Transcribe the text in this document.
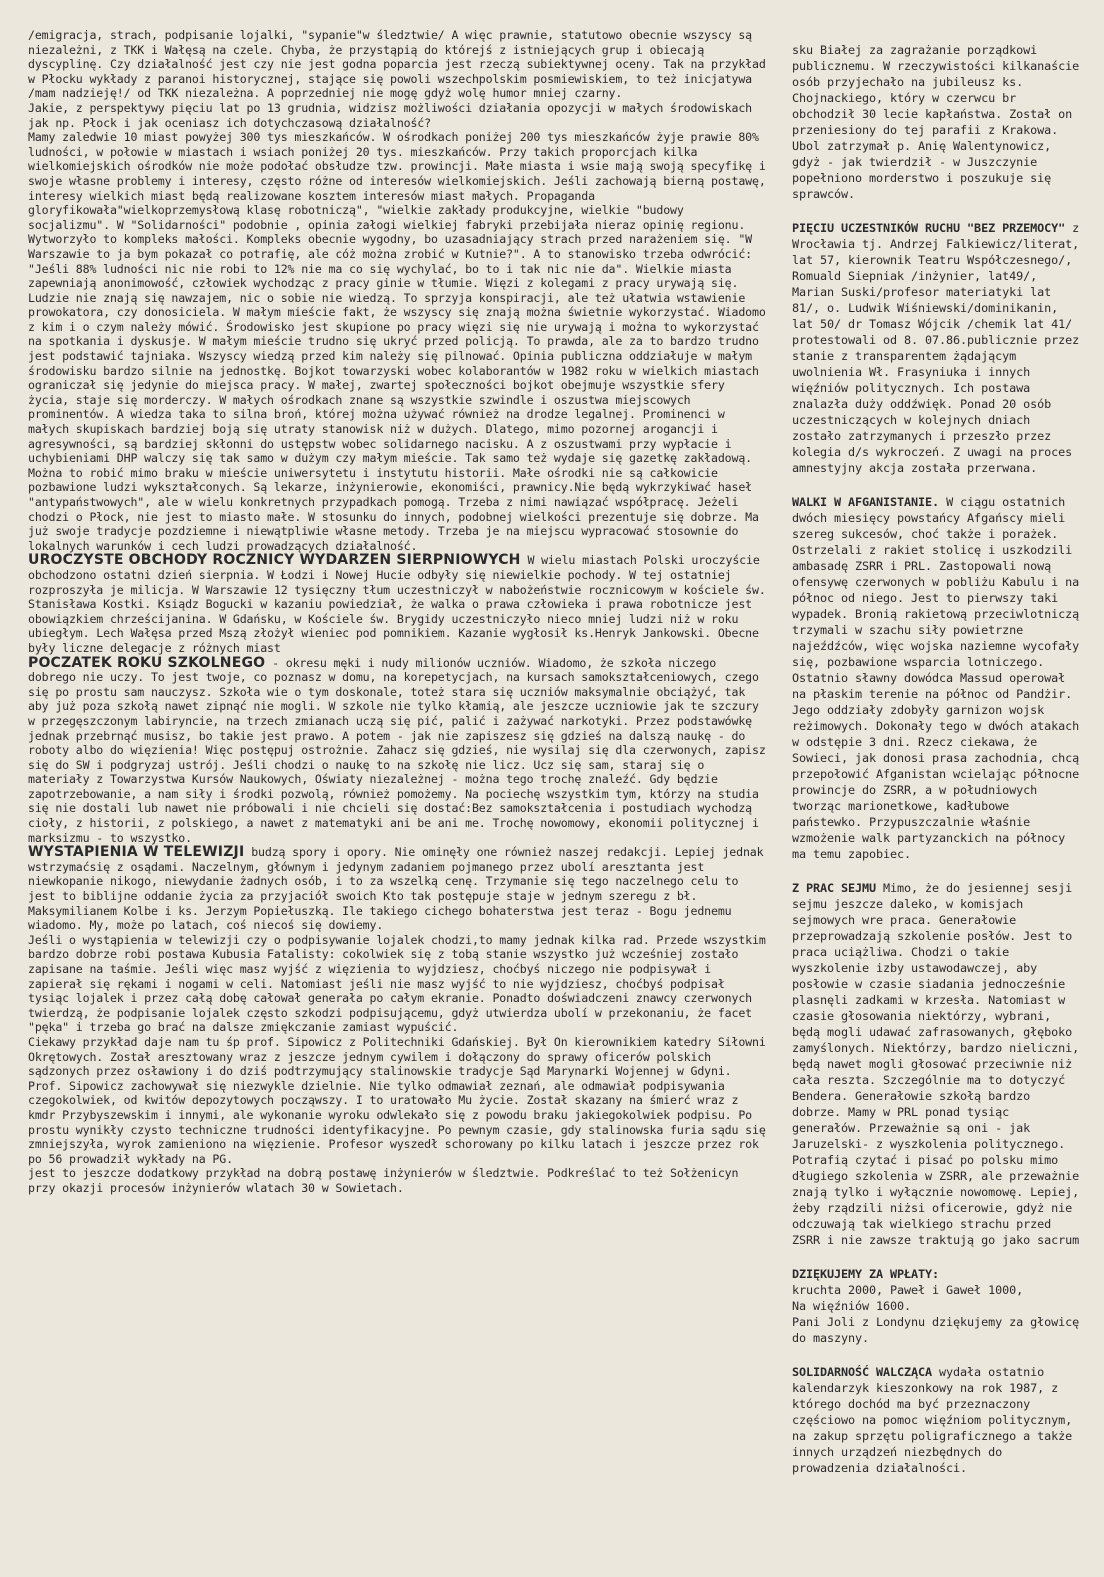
/emigracja, strach, podpisanie lojalki, "sypanie"w śledztwie/ A więc prawnie, statutowo obecnie wszyscy są niezależni, z TKK i Wałęsą na czele. Chyba, że przystąpią do którejś z istniejących grup i obiecają dyscyplinę. Czy działalność jest czy nie jest godna poparcia jest rzeczą subiektywnej oceny. Tak na przykład w Płocku wykłady z paranoi historycznej, stające się powoli wszechpolskim posmiewiskiem, to też inicjatywa /mam nadzieję!/ od TKK niezależna. A poprzedniej nie mogę gdyż wolę humor mniej czarny.

Jakie, z perspektywy pięciu lat po 13 grudnia, widzisz możliwości działania opozycji w małych środowiskach jak np. Płock i jak oceniasz ich dotychczasową działalność?

Mamy zaledwie 10 miast powyżej 300 tys mieszkańców. W ośrodkach poniżej 200 tys mieszkańców żyje prawie 80% ludności, w połowie w miastach i wsiach poniżej 20 tys. mieszkańców. Przy takich proporcjach kilka wielkomiejskich ośrodków nie może podołać obsłudze tzw. prowincji. Małe miasta i wsie mają swoją specyfikę i swoje własne problemy i interesy, często różne od interesów wielkomiejskich. Jeśli zachowają bierną postawę, interesy wielkich miast będą realizowane kosztem interesów miast małych. Propaganda gloryfikowała"wielkoprzemysłową klasę robotniczą", "wielkie zakłady produkcyjne, wielkie "budowy socjalizmu". W "Solidarności" podobnie , opinia załogi wielkiej fabryki przebijała nieraz opinię regionu. Wytworzyło to kompleks małości. Kompleks obecnie wygodny, bo uzasadniający strach przed narażeniem się. "W Warszawie to ja bym pokazał co potrafię, ale cóż można zrobić w Kutnie?". A to stanowisko trzeba odwrócić: "Jeśli 88% ludności nic nie robi to 12% nie ma co się wychylać, bo to i tak nic nie da". Wielkie miasta zapewniają anonimowość, człowiek wychodząc z pracy ginie w tłumie. Więzi z kolegami z pracy urywają się. Ludzie nie znają się nawzajem, nic o sobie nie wiedzą. To sprzyja konspiracji, ale też ułatwia wstawienie prowokatora, czy donosiciela. W małym mieście fakt, że wszyscy się znają można świetnie wykorzystać. Wiadomo z kim i o czym należy mówić. Środowisko jest skupione po pracy więzi się nie urywają i można to wykorzystać na spotkania i dyskusje. W małym mieście trudno się ukryć przed policją. To prawda, ale za to bardzo trudno jest podstawić tajniaka. Wszyscy wiedzą przed kim należy się pilnować. Opinia publiczna oddziałuje w małym środowisku bardzo silnie na jednostkę. Bojkot towarzyski wobec kolaborantów w 1982 roku w wielkich miastach ograniczał się jedynie do miejsca pracy. W małej, zwartej społeczności bojkot obejmuje wszystkie sfery życia, staje się morderczy. W małych ośrodkach znane są wszystkie szwindle i oszustwa miejscowych prominentów. A wiedza taka to silna broń, której można używać również na drodze legalnej. Prominenci w małych skupiskach bardziej boją się utraty stanowisk niż w dużych. Dlatego, mimo pozornej arogancji i agresywności, są bardziej skłonni do ustępstw wobec solidarnego nacisku. A z oszustwami przy wypłacie i uchybieniami DHP walczy się tak samo w dużym czy małym mieście. Tak samo też wydaje się gazetkę zakładową. Można to robić mimo braku w mieście uniwersytetu i instytutu historii. Małe ośrodki nie są całkowicie pozbawione ludzi wykształconych. Są lekarze, inżynierowie, ekonomiści, prawnicy.Nie będą wykrzykiwać haseł "antypaństwowych", ale w wielu konkretnych przypadkach pomogą. Trzeba z nimi nawiązać współpracę. Jeżeli chodzi o Płock, nie jest to miasto małe. W stosunku do innych, podobnej wielkości prezentuje się dobrze. Ma już swoje tradycje pozdziemne i niewątpliwie własne metody. Trzeba je na miejscu wypracować stosownie do lokalnych warunków i cech ludzi prowadzących działalność.

UROCZYSTE OBCHODY ROCZNICY WYDARZEN SIERPNIOWYCH W wielu miastach Polski uroczyście obchodzono ostatni dzień sierpnia. W Łodzi i Nowej Hucie odbyły się niewielkie pochody. W tej ostatniej rozproszyła je milicja. W Warszawie 12 tysięczny tłum uczestniczył w nabożeństwie rocznicowym w kościele św. Stanisława Kostki. Ksiądz Bogucki w kazaniu powiedział, że walka o prawa człowieka i prawa robotnicze jest obowiązkiem chrześcijanina. W Gdańsku, w Kościele św. Brygidy uczestniczyło nieco mniej ludzi niż w roku ubiegłym. Lech Wałęsa przed Mszą złożył wieniec pod pomnikiem. Kazanie wygłosił ks.Henryk Jankowski. Obecne były liczne delegacje z różnych miast

POCZATEK ROKU SZKOLNEGO - okresu męki i nudy milionów uczniów. Wiadomo, że szkoła niczego dobrego nie uczy. To jest twoje, co poznasz w domu, na korepetycjach, na kursach samokształceniowych, czego się po prostu sam nauczysz. Szkoła wie o tym doskonale, toteż stara się uczniów maksymalnie obciążyć, tak aby już poza szkołą nawet zipnąć nie mogli. W szkole nie tylko kłamią, ale jeszcze uczniowie jak te szczury w przegęszczonym labiryncie, na trzech zmianach uczą się pić, palić i zażywać narkotyki. Przez podstawówkę jednak przebrnąć musisz, bo takie jest prawo. A potem - jak nie zapiszesz się gdzieś na dalszą naukę - do roboty albo do więzienia! Więc postępuj ostrożnie. Zahacz się gdzieś, nie wysilaj się dla czerwonych, zapisz się do SW i podgryzaj ustrój. Jeśli chodzi o naukę to na szkołę nie licz. Ucz się sam, staraj się o materiały z Towarzystwa Kursów Naukowych, Oświaty niezależnej - można tego trochę znaleźć. Gdy będzie zapotrzebowanie, a nam siły i środki pozwolą, również pomożemy. Na pociechę wszystkim tym, którzy na studia się nie dostali lub nawet nie próbowali i nie chcieli się dostać:Bez samokształcenia i postudiach wychodzą cioły, z historii, z polskiego, a nawet z matematyki ani be ani me. Trochę nowomowy, ekonomii politycznej i marksizmu - to wszystko.

WYSTAPIENIA W TELEWIZJI budzą spory i opory. Nie ominęły one również naszej redakcji. Lepiej jednak wstrzymaćsię z osądami. Naczelnym, głównym i jedynym zadaniem pojmanego przez ubolí aresztanta jest niewkopanie nikogo, niewydanie żadnych osób, i to za wszelką cenę. Trzymanie się tego naczelnego celu to jest to biblijne oddanie życia za przyjaciół swoich Kto tak postępuje staje w jednym szeregu z bł. Maksymilianem Kolbe i ks. Jerzym Popiełuszką. Ile takiego cichego bohaterstwa jest teraz - Bogu jednemu wiadomo. My, może po latach, coś niecoś się dowiemy.

Jeśli o wystąpienia w telewizji czy o podpisywanie lojalek chodzi,to mamy jednak kilka rad. Przede wszystkim bardzo dobrze robi postawa Kubusia Fatalisty: cokolwiek się z tobą stanie wszystko już wcześniej zostało zapisane na taśmie. Jeśli więc masz wyjść z więzienia to wyjdziesz, choćbyś niczego nie podpisywał i zapierał się rękami i nogami w celi. Natomiast jeśli nie masz wyjść to nie wyjdziesz, choćbyś podpisał tysiąc lojalek i przez całą dobę całował generała po całym ekranie. Ponadto doświadczeni znawcy czerwonych twierdzą, że podpisanie lojalek często szkodzi podpisującemu, gdyż utwierdza ubolí w przekonaniu, że facet "pęka" i trzeba go brać na dalsze zmiękczanie zamiast wypuścić.

Ciekawy przykład daje nam tu śp prof. Sipowicz z Politechniki Gdańskiej. Był On kierownikiem katedry Siłowni Okrętowych. Został aresztowany wraz z jeszcze jednym cywilem i dołączony do sprawy oficerów polskich sądzonych przez osławiony i do dziś podtrzymujący stalinowskie tradycje Sąd Marynarki Wojennej w Gdyni. Prof. Sipowicz zachowywał się niezwykle dzielnie. Nie tylko odmawiał zeznań, ale odmawiał podpisywania czegokolwiek, od kwitów depozytowych począwszy. I to uratowało Mu życie. Został skazany na śmierć wraz z kmdr Przybyszewskim i innymi, ale wykonanie wyroku odwlekało się z powodu braku jakiegokolwiek podpisu. Po prostu wynikły czysto techniczne trudności identyfikacyjne. Po pewnym czasie, gdy stalinowska furia sądu się zmniejszyła, wyrok zamieniono na więzienie. Profesor wyszedł schorowany po kilku latach i jeszcze przez rok po 56 prowadził wykłady na PG.

jest to jeszcze dodatkowy przykład na dobrą postawę inżynierów w śledztwie. Podkreślać to też Sołżenicyn przy okazji procesów inżynierów wlatach 30 w Sowietach.

sku Białej za zagrażanie porządkowi publicznemu. W rzeczywistości kilkanaście osób przyjechało na jubileusz ks. Chojnackiego, który w czerwcu br obchodził 30 lecie kapłaństwa. Został on przeniesiony do tej parafii z Krakowa. Ubol zatrzymał p. Anię Walentynowicz, gdyż - jak twierdził - w Juszczynie popełniono morderstwo i poszukuje się sprawców.

PIĘCIU UCZESTNIKÓW RUCHU "BEZ PRZEMOCY" z Wrocławia tj. Andrzej Falkiewicz/literat, lat 57, kierownik Teatru Współczesnego/, Romuald Siepniak /inżynier, lat49/, Marian Suski/profesor materiatyki lat 81/, o. Ludwik Wiśniewski/dominikanin, lat 50/ dr Tomasz Wójcik /chemik lat 41/ protestowali od 8. 07.86.publicznie przez stanie z transparentem żądającym uwolnienia Wł. Frasyniuka i innych więźniów politycznych. Ich postawa znalazła duży oddźwięk. Ponad 20 osób uczestniczących w kolejnych dniach zostało zatrzymanych i przeszło przez kolegia d/s wykroczeń. Z uwagi na proces amnestyjny akcja została przerwana.

WALKI W AFGANISTANIE. W ciągu ostatnich dwóch miesięcy powstańcy Afgańscy mieli szereg sukcesów, choć także i porażek. Ostrzelali z rakiet stolicę i uszkodzili ambasadę ZSRR i PRL. Zastopowali nową ofensywę czerwonych w pobliżu Kabulu i na północ od niego. Jest to pierwszy taki wypadek. Bronią rakietową przeciwlotniczą trzymali w szachu siły powietrzne najeźdźców, więc wojska naziemne wycofały się, pozbawione wsparcia lotniczego. Ostatnio sławny dowódca Massud operował na płaskim terenie na północ od Pandżir. Jego oddziały zdobyły garnizon wojsk reżimowych. Dokonały tego w dwóch atakach w odstępie 3 dni. Rzecz ciekawa, że Sowieci, jak donosi prasa zachodnia, chcą przepołowić Afganistan wcielając północne prowincje do ZSRR, a w południowych tworząc marionetkowe, kadłubowe państewko. Przypuszczalnie właśnie wzmożenie walk partyzanckich na północy ma temu zapobiec.

Z PRAC SEJMU Mimo, że do jesiennej sesji sejmu jeszcze daleko, w komisjach sejmowych wre praca. Generałowie przeprowadzają szkolenie posłów. Jest to praca uciążliwa. Chodzi o takie wyszkolenie izby ustawodawczej, aby posłowie w czasie siadania jednocześnie plasnęli zadkami w krzesła. Natomiast w czasie głosowania niektórzy, wybrani, będą mogli udawać zafrasowanych, głęboko zamyślonych. Niektórzy, bardzo nieliczni, będą nawet mogli głosować przeciwnie niż cała reszta. Szczególnie ma to dotyczyć Bendera. Generałowie szkołą bardzo dobrze. Mamy w PRL ponad tysiąc generałów. Przeważnie są oni - jak Jaruzelski- z wyszkolenia politycznego. Potrafią czytać i pisać po polsku mimo długiego szkolenia w ZSRR, ale przeważnie znają tylko i wyłącznie nowomowę. Lepiej, żeby rządzili niżsi oficerowie, gdyż nie odczuwają tak wielkiego strachu przed ZSRR i nie zawsze traktują go jako sacrum

DZIĘKUJEMY ZA WPŁATY:

kruchta 2000, Paweł i Gaweł 1000,

Na więźniów 1600.

Pani Joli z Londynu dziękujemy za głowicę do maszyny.

SOLIDARNOŚĆ WALCZĄCA wydała ostatnio kalendarzyk kieszonkowy na rok 1987, z którego dochód ma być przeznaczony częściowo na pomoc więźniom politycznym, na zakup sprzętu poligraficznego a także innych urządzeń niezbędnych do prowadzenia działalności.
